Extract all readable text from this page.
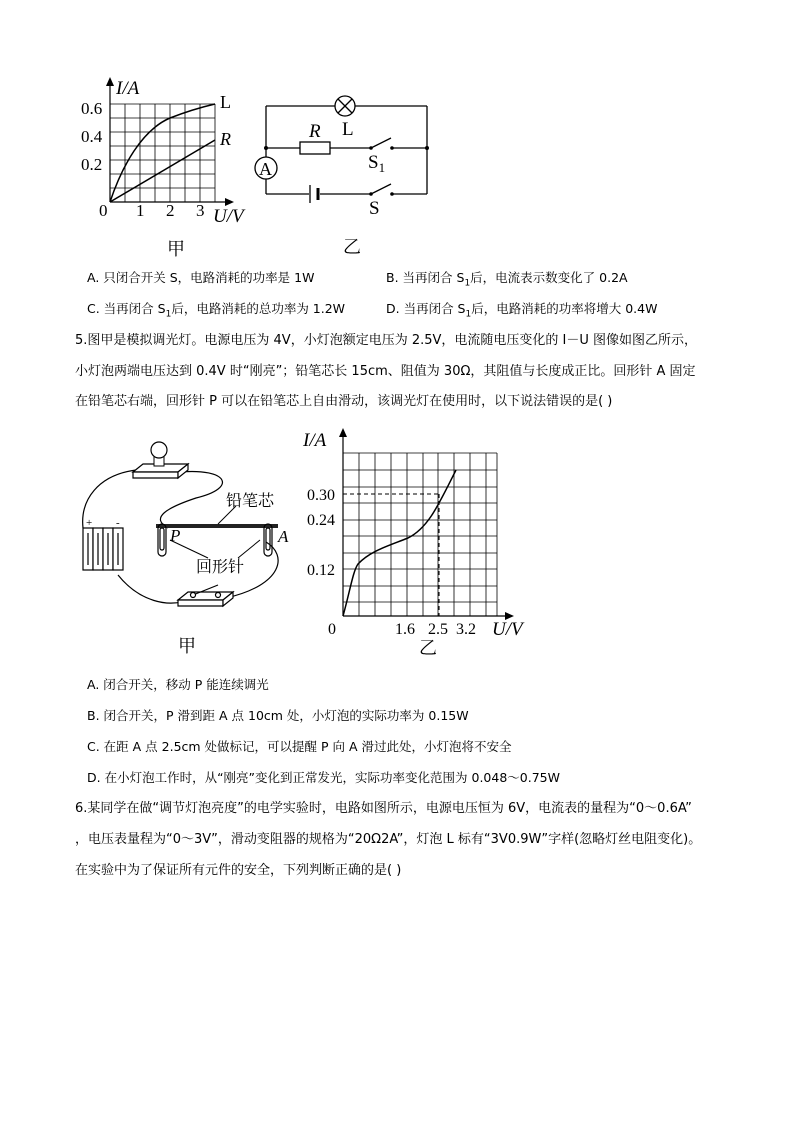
I/A
0.6
0.4
0.2
0 1 2 3 U/V
L
R
甲
L
R
A	$S_1$
S
乙
A. 只闭合开关 S，电路消耗的功率是 1W	B. 当再闭合 $S_1$后，电流表示数变化了 0.2A
C. 当再闭合 $S_1$后，电路消耗的总功率为 1.2W	D. 当再闭合 $S_1$后，电路消耗的功率将增大 0.4W
5.图甲是模拟调光灯。电源电压为 4V，小灯泡额定电压为 2.5V，电流随电压变化的 I－U 图像如图乙所示，
小灯泡两端电压达到 0.4V 时“刚亮”；铅笔芯长 15cm、阻值为 30Ω，其阻值与长度成正比。回形针 A 固定
在铅笔芯右端，回形针 P 可以在铅笔芯上自由滑动，该调光灯在使用时，以下说法错误的是( )
+ -
铅笔芯
P	A
回形针
甲
I/A
0.30
0.24
0.12
0	1.6 2.5 3.2 U/V
乙
A. 闭合开关，移动 P 能连续调光
B. 闭合开关，P 滑到距 A 点 10cm 处，小灯泡的实际功率为 0.15W
C. 在距 A 点 2.5cm 处做标记，可以提醒 P 向 A 滑过此处，小灯泡将不安全
D. 在小灯泡工作时，从“刚亮”变化到正常发光，实际功率变化范围为 0.048～0.75W
6.某同学在做“调节灯泡亮度”的电学实验时，电路如图所示，电源电压恒为 6V，电流表的量程为“0～0.6A”
，电压表量程为“0～3V”，滑动变阻器的规格为“20Ω2A”，灯泡 L 标有“3V0.9W”字样(忽略灯丝电阻变化)。
在实验中为了保证所有元件的安全，下列判断正确的是( )
